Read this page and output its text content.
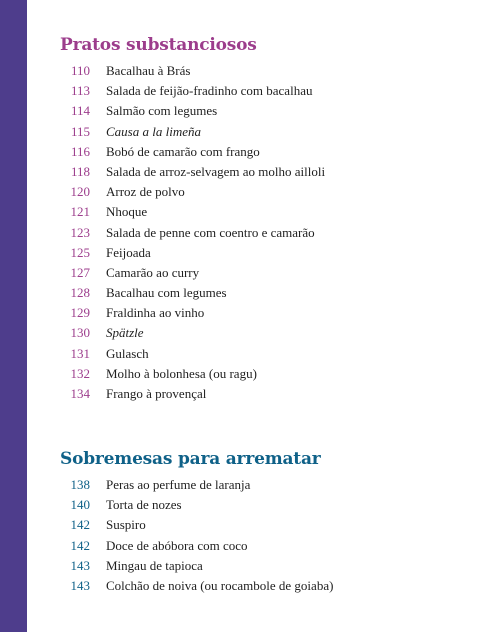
Pratos substanciosos
110 Bacalhau à Brás
113 Salada de feijão-fradinho com bacalhau
114 Salmão com legumes
115 Causa a la limeña
116 Bobó de camarão com frango
118 Salada de arroz-selvagem ao molho ailloli
120 Arroz de polvo
121 Nhoque
123 Salada de penne com coentro e camarão
125 Feijoada
127 Camarão ao curry
128 Bacalhau com legumes
129 Fraldinha ao vinho
130 Spätzle
131 Gulasch
132 Molho à bolonhesa (ou ragu)
134 Frango à provençal
Sobremesas para arrematar
138 Peras ao perfume de laranja
140 Torta de nozes
142 Suspiro
142 Doce de abóbora com coco
143 Mingau de tapioca
143 Colchão de noiva (ou rocambole de goiaba)
